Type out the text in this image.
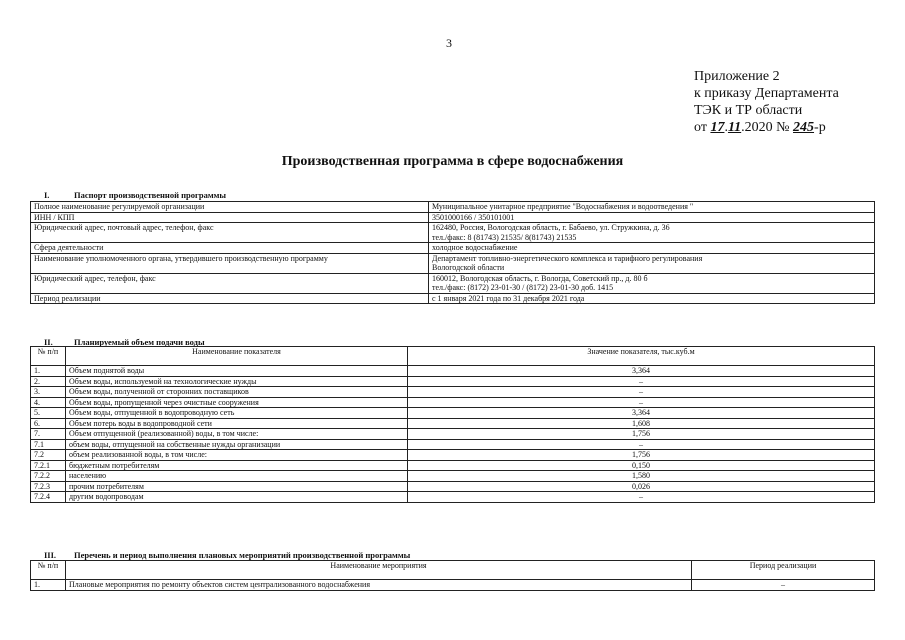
3
Приложение 2
к приказу Департамента
ТЭК и ТР области
от 17.11.2020 № 245-р
Производственная программа в сфере водоснабжения
I.	Паспорт производственной программы
Полное наименование регулируемой организации	Муниципальное унитарное предприятие "Водоснабжения и водоотведения "

ИНН / КПП	3501000166 / 350101001

Юридический адрес, почтовый адрес, телефон, факс	162480, Россия, Вологодская область, г. Бабаево, ул. Стружкина, д. 36
тел./факс: 8 (81743) 21535/ 8(81743) 21535

Сфера деятельности	холодное водоснабжение

Наименование уполномоченного органа, утвердившего производственную программу	Департамент топливно-энергетического комплекса и тарифного регулирования
Вологодской области

Юридический адрес, телефон, факс	160012, Вологодская область, г. Вологда, Советский пр., д. 80 б
тел./факс: (8172) 23-01-30 / (8172) 23-01-30 доб. 1415

Период реализации	с 1 января 2021 года по 31 декабря 2021 года
II.	Планируемый объем подачи воды
№ п/п	Наименование показателя	Значение показателя, тыс.куб.м
1.	Объем поднятой воды	3,364
2.	Объем воды, используемой на технологические нужды	–
3.	Объем воды, полученной от сторонних поставщиков	–
4.	Объем воды, пропущенной через очистные сооружения	–
5.	Объем воды, отпущенной в водопроводную сеть	3,364
6.	Объем потерь воды в водопроводной сети	1,608
7.	Объем отпущенной (реализованной) воды, в том числе:	1,756
7.1	объем воды, отпущенной на собственные нужды организации	–
7.2	объем реализованной воды, в том числе:	1,756
7.2.1	бюджетным потребителям	0,150
7.2.2	населению	1,580
7.2.3	прочим потребителям	0,026
7.2.4	другим водопроводам	–
III. Перечень и период выполнения плановых мероприятий производственной программы
№ п/п	Наименование мероприятия	Период реализации
1.	Плановые мероприятия по ремонту объектов систем централизованного водоснабжения	–
